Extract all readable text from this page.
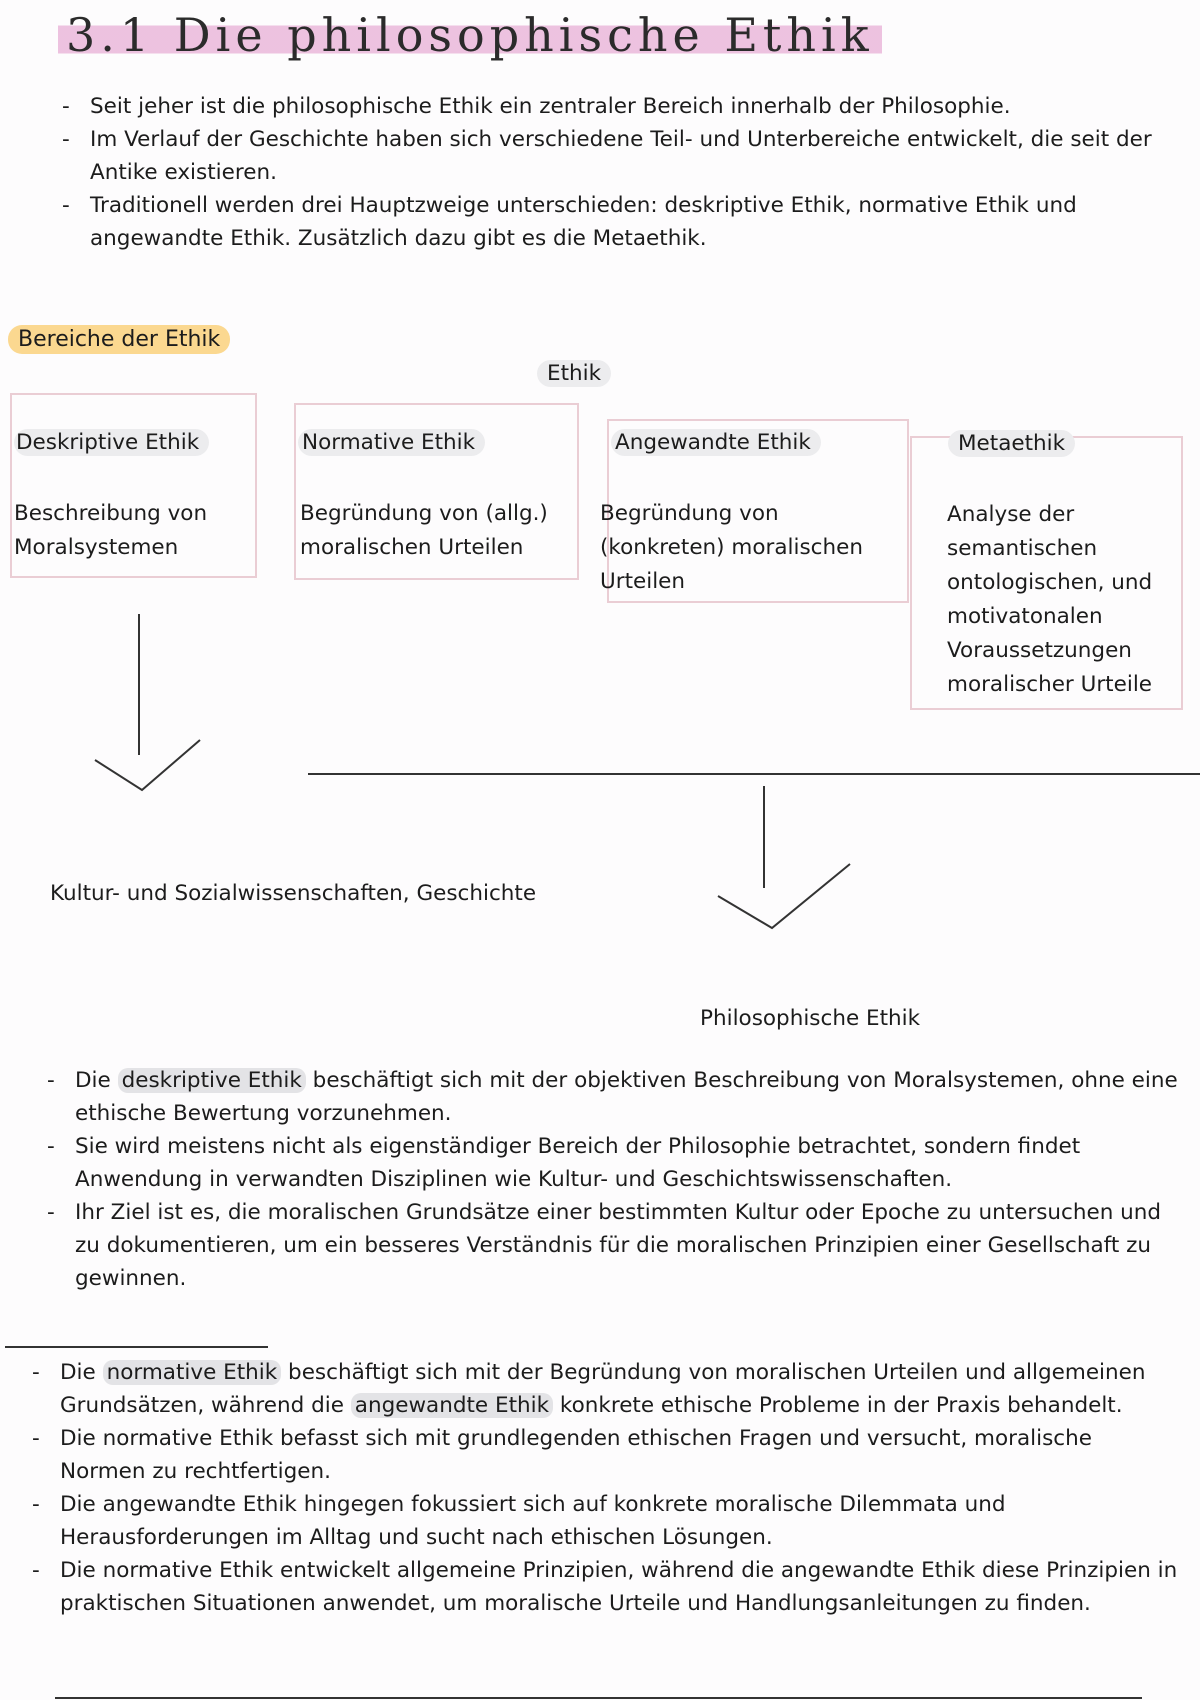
3.1 Die philosophische Ethik
- Seit jeher ist die philosophische Ethik ein zentraler Bereich innerhalb der Philosophie.
- Im Verlauf der Geschichte haben sich verschiedene Teil- und Unterbereiche entwickelt, die seit der Antike existieren.
- Traditionell werden drei Hauptzweige unterschieden: deskriptive Ethik, normative Ethik und angewandte Ethik. Zusätzlich dazu gibt es die Metaethik.
Bereiche der Ethik
Ethik
Deskriptive Ethik
Beschreibung von Moralsystemen
Normative Ethik
Begründung von (allg.) moralischen Urteilen
Angewandte Ethik
Begründung von (konkreten) moralischen Urteilen
Metaethik
Analyse der semantischen ontologischen, und motivatonalen Voraussetzungen moralischer Urteile
Kultur- und Sozialwissenschaften, Geschichte
Philosophische Ethik
- Die deskriptive Ethik beschäftigt sich mit der objektiven Beschreibung von Moralsystemen, ohne eine ethische Bewertung vorzunehmen.
- Sie wird meistens nicht als eigenständiger Bereich der Philosophie betrachtet, sondern findet Anwendung in verwandten Disziplinen wie Kultur- und Geschichtswissenschaften.
- Ihr Ziel ist es, die moralischen Grundsätze einer bestimmten Kultur oder Epoche zu untersuchen und zu dokumentieren, um ein besseres Verständnis für die moralischen Prinzipien einer Gesellschaft zu gewinnen.
- Die normative Ethik beschäftigt sich mit der Begründung von moralischen Urteilen und allgemeinen Grundsätzen, während die angewandte Ethik konkrete ethische Probleme in der Praxis behandelt.
- Die normative Ethik befasst sich mit grundlegenden ethischen Fragen und versucht, moralische Normen zu rechtfertigen.
- Die angewandte Ethik hingegen fokussiert sich auf konkrete moralische Dilemmata und Herausforderungen im Alltag und sucht nach ethischen Lösungen.
- Die normative Ethik entwickelt allgemeine Prinzipien, während die angewandte Ethik diese Prinzipien in praktischen Situationen anwendet, um moralische Urteile und Handlungsanleitungen zu finden.
